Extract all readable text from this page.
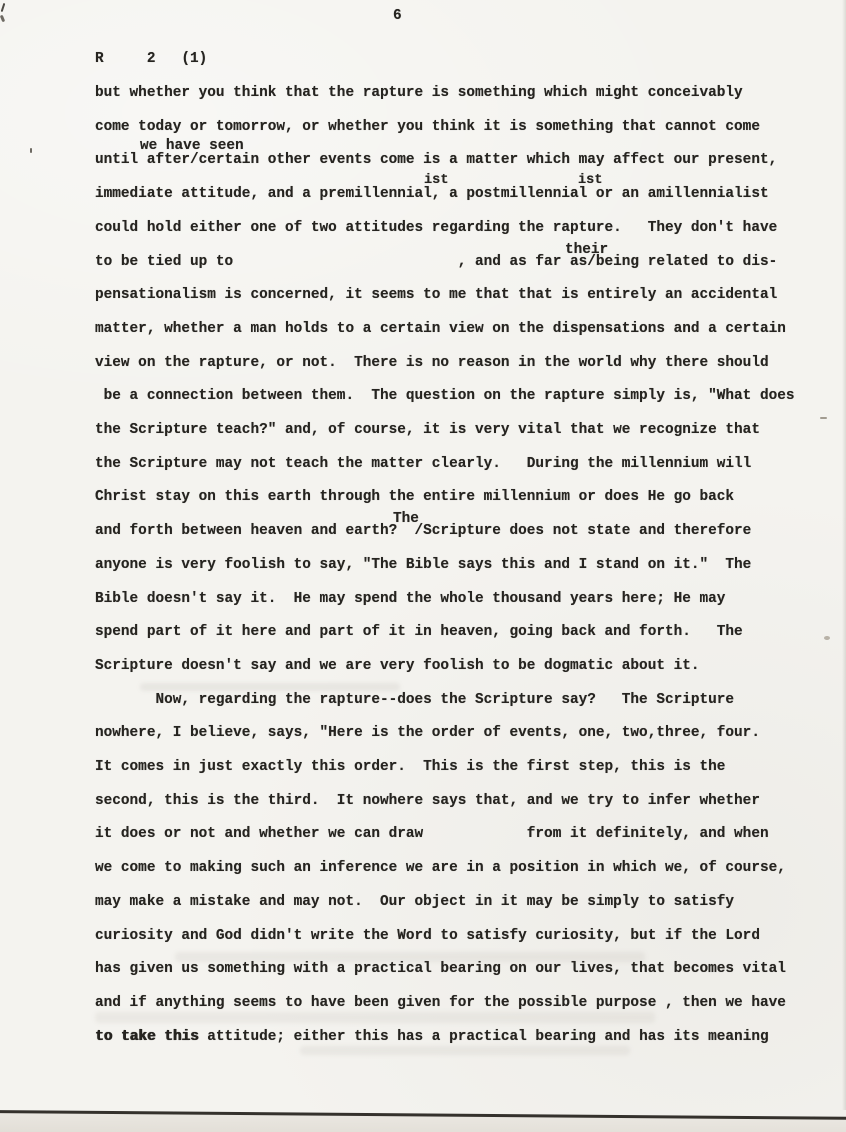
6
R     2   (1)
but whether you think that the rapture is something which might conceivably
come today or tomorrow, or whether you think it is something that cannot come
we have seen
until after/certain other events come is a matter which may affect our present,
ist	ist
immediate attitude, and a premillennial, a postmillennial or an amillennialist
could hold either one of two attitudes regarding the rapture.   They don't have
their
to be tied up to                          , and as far as/being related to dis-
pensationalism is concerned, it seems to me that that is entirely an accidental
matter, whether a man holds to a certain view on the dispensations and a certain
view on the rapture, or not.  There is no reason in the world why there should
be a connection between them.  The question on the rapture simply is, "What does
the Scripture teach?" and, of course, it is very vital that we recognize that
the Scripture may not teach the matter clearly.   During the millennium will
Christ stay on this earth through the entire millennium or does He go back
The
and forth between heaven and earth?  /Scripture does not state and therefore
anyone is very foolish to say, "The Bible says this and I stand on it."  The
Bible doesn't say it.  He may spend the whole thousand years here; He may
spend part of it here and part of it in heaven, going back and forth.   The
Scripture doesn't say and we are very foolish to be dogmatic about it.
Now, regarding the rapture--does the Scripture say?   The Scripture
nowhere, I believe, says, "Here is the order of events, one, two,three, four.
It comes in just exactly this order.  This is the first step, this is the
second, this is the third.  It nowhere says that, and we try to infer whether
it does or not and whether we can draw            from it definitely, and when
we come to making such an inference we are in a position in which we, of course,
may make a mistake and may not.  Our object in it may be simply to satisfy
curiosity and God didn't write the Word to satisfy curiosity, but if the Lord
has given us something with a practical bearing on our lives, that becomes vital
and if anything seems to have been given for the possible purpose , then we have
to take this attitude; either this has a practical bearing and has its meaning
